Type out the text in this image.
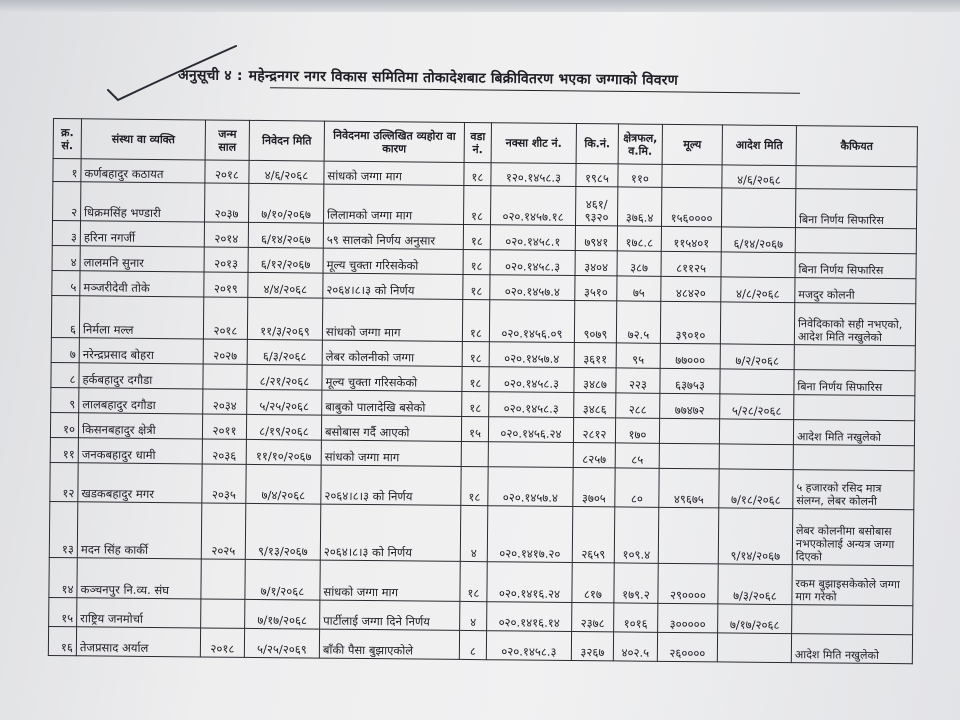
अनुसूची ४ : महेन्द्रनगर नगर विकास समितिमा तोकादेशबाट बिक्रीवितरण भएका जग्गाको विवरण
क्र. सं.	संस्था वा व्यक्ति	जन्म साल	निवेदन मिति	निवेदनमा उल्लिखित व्यहोरा वा कारण	वडा नं.	नक्सा शीट नं.	कि.नं.	क्षेत्रफल, व.मि.	मूल्य	आदेश मिति	कैफियत
१	कर्णबहादुर कठायत	२०१८	४/६/२०६८	सांधको जग्गा माग	१८	१२०.१४५८.३	१९८५	११०		४/६/२०६८	
२	धिक्रमसिंह भण्डारी	२०३७	७/१०/२०६७	लिलामको जग्गा माग	१८	०२०.१४५७.१८	४६१/ ९३२०	३७६.४	१५६००००		बिना निर्णय सिफारिस
३	हरिना नगर्जी	२०१४	६/१४/२०६७	५९ सालको निर्णय अनुसार	१८	०२०.१४५८.१	७९४१	१७८.८	११५४०१	६/१४/२०६७	
४	लालमनि सुनार	२०१३	६/१२/२०६७	मूल्य चुक्ता गरिसकेको	१८	०२०.१४५८.३	३४०४	३८७	८११२५		बिना निर्णय सिफारिस
५	मञ्जरीदेवी तोके	२०१९	४/४/२०६८	२०६४।८।३ को निर्णय	१८	०२०.१४५७.४	३५१०	७५	४८४२०	४/८/२०६८	मजदुर कोलनी
६	निर्मला मल्ल	२०१८	११/३/२०६९	सांधको जग्गा माग	१८	०२०.१४५६.०९	९०७९	७२.५	३९०१०		निवेदिकाको सही नभएको, आदेश मिति नखुलेको
७	नरेन्द्रप्रसाद बोहरा	२०२७	६/३/२०६८	लेबर कोलनीको जग्गा	१८	०२०.१४५७.४	३६११	९५	७७०००	७/२/२०६८	
८	हर्कबहादुर दगौडा		८/२१/२०६८	मूल्य चुक्ता गरिसकेको	१८	०२०.१४५८.३	३४८७	२२३	६३७५३		बिना निर्णय सिफारिस
९	लालबहादुर दगौडा	२०३४	५/२५/२०६८	बाबुको पालादेखि बसेको	१८	०२०.१४५८.३	३४८६	२८८	७७४७२	५/२८/२०६८	
१०	किसनबहादुर क्षेत्री	२०११	८/१९/२०६८	बसोबास गर्दै आएको	१५	०२०.१४५६.२४	२८१२	१७०			आदेश मिति नखुलेको
११	जनकबहादुर धामी	२०३६	११/१०/२०६७	सांधको जग्गा माग			८२५७	८५			
१२	खडकबहादुर मगर	२०३५	७/४/२०६८	२०६४।८।३ को निर्णय	१८	०२०.१४५७.४	३७०५	८०	४९६७५	७/१८/२०६८	५ हजारको रसिद मात्र संलग्न, लेबर कोलनी
१३	मदन सिंह कार्की	२०२५	९/१३/२०६७	२०६४।८।३ को निर्णय	४	०२०.१४१७.२०	२६५९	१०९.४		९/१४/२०६७	लेबर कोलनीमा बसोबास नभएकोलाई अन्यत्र जग्गा दिएको
१४	कञ्चनपुर नि.व्य. संघ		७/१/२०६८	सांधको जग्गा माग	१८	०२०.१४१६.२४	८१७	१७९.२	२९००००	७/३/२०६८	रकम बुझाइसकेकोले जग्गा माग गरेको
१५	राष्ट्रिय जनमोर्चा		७/१७/२०६८	पार्टीलाई जग्गा दिने निर्णय	४	०२०.१४१६.१४	२३७८	१०१६	३०००००	७/१७/२०६८	
१६	तेजप्रसाद अर्याल	२०१८	५/२५/२०६९	बाँकी पैसा बुझाएकोले	८	०२०.१४५८.३	३२६७	४०२.५	२६००००		आदेश मिति नखुलेको
